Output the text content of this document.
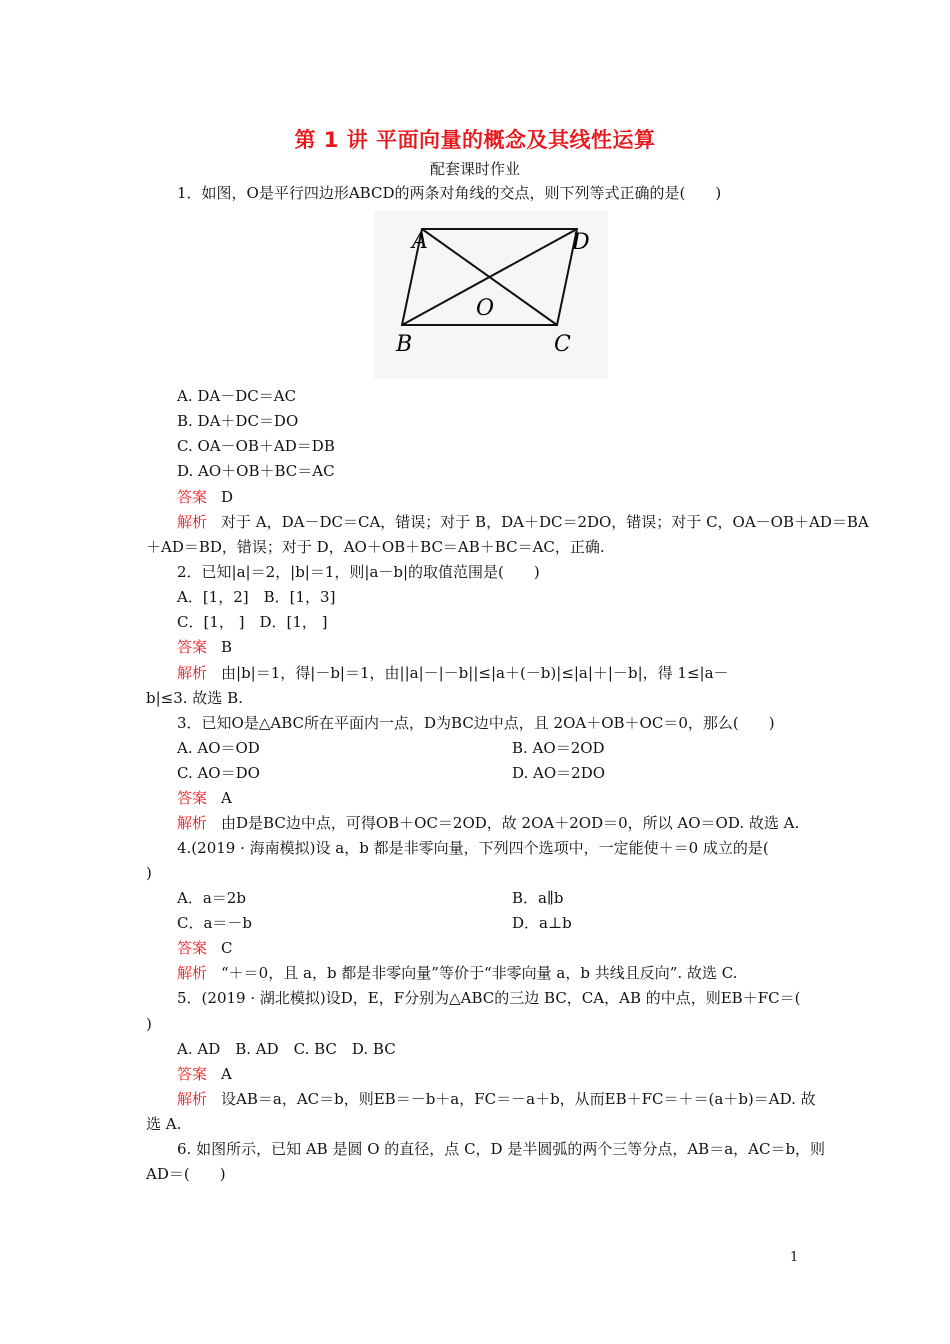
第 1 讲 平面向量的概念及其线性运算
配套课时作业
1．如图，O是平行四边形ABCD的两条对角线的交点，则下列等式正确的是(　　)
A	D
O
B	C
A. DA－DC＝AC
B. DA＋DC＝DO
C. OA－OB＋AD＝DB
D. AO＋OB＋BC＝AC
答案 D
解析 对于 A，DA－DC＝CA，错误；对于 B，DA＋DC＝2DO，错误；对于 C，OA－OB＋AD＝BA
＋AD＝BD，错误；对于 D，AO＋OB＋BC＝AB＋BC＝AC，正确.
2．已知|a|＝2，|b|＝1，则|a－b|的取值范围是(　　)
A．[1，2]　B．[1，3]
C．[1， ]　D．[1， ]
答案 B
解析 由|b|＝1，得|－b|＝1，由||a|－|－b||≤|a＋(－b)|≤|a|＋|－b|，得 1≤|a－
b|≤3. 故选 B.
3．已知O是△ABC所在平面内一点，D为BC边中点，且 2OA＋OB＋OC＝0，那么(　　)
A. AO＝OD	B. AO＝2OD
C. AO＝DO	D. AO＝2DO
答案 A
解析 由D是BC边中点，可得OB＋OC＝2OD，故 2OA＋2OD＝0，所以 AO＝OD. 故选 A.
4.(2019 · 海南模拟)设 a，b 都是非零向量，下列四个选项中，一定能使＋＝0 成立的是(
)
A．a＝2b	B．a∥b
C．a＝－b	D．a⊥b
答案 C
解析 “＋＝0，且 a，b 都是非零向量”等价于“非零向量 a，b 共线且反向”. 故选 C.
5．(2019 · 湖北模拟)设D，E，F分别为△ABC的三边 BC，CA，AB 的中点，则EB＋FC＝(
)
A. AD　B. AD　C. BC　D. BC
答案 A
解析 设AB＝a，AC＝b，则EB＝－b＋a，FC＝－a＋b，从而EB＋FC＝＋＝(a＋b)＝AD. 故
选 A.
6. 如图所示，已知 AB 是圆 O 的直径，点 C，D 是半圆弧的两个三等分点，AB＝a，AC＝b，则
AD＝(　　)
1
